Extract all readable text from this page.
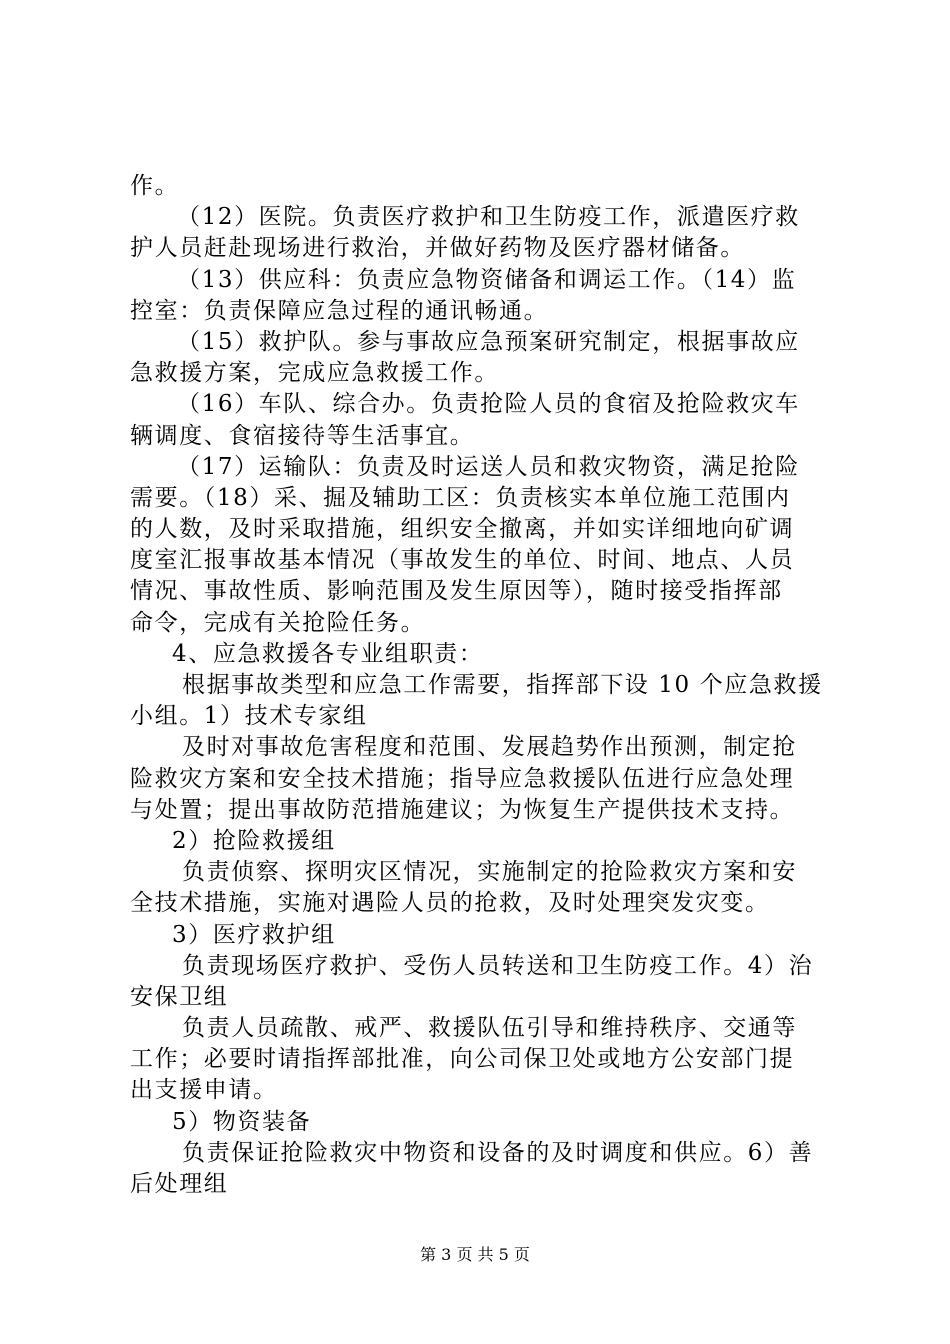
作。
（12）医院。负责医疗救护和卫生防疫工作，派遣医疗救
护人员赶赴现场进行救治，并做好药物及医疗器材储备。
（13）供应科：负责应急物资储备和调运工作。（14）监
控室：负责保障应急过程的通讯畅通。
（15）救护队。参与事故应急预案研究制定，根据事故应
急救援方案，完成应急救援工作。
（16）车队、综合办。负责抢险人员的食宿及抢险救灾车
辆调度、食宿接待等生活事宜。
（17）运输队：负责及时运送人员和救灾物资，满足抢险
需要。（18）采、掘及辅助工区：负责核实本单位施工范围内
的人数，及时采取措施，组织安全撤离，并如实详细地向矿调
度室汇报事故基本情况（事故发生的单位、时间、地点、人员
情况、事故性质、影响范围及发生原因等），随时接受指挥部
命令，完成有关抢险任务。
4、应急救援各专业组职责：
根据事故类型和应急工作需要，指挥部下设 10 个应急救援
小组。1）技术专家组
及时对事故危害程度和范围、发展趋势作出预测，制定抢
险救灾方案和安全技术措施；指导应急救援队伍进行应急处理
与处置；提出事故防范措施建议；为恢复生产提供技术支持。
2）抢险救援组
负责侦察、探明灾区情况，实施制定的抢险救灾方案和安
全技术措施，实施对遇险人员的抢救，及时处理突发灾变。
3）医疗救护组
负责现场医疗救护、受伤人员转送和卫生防疫工作。4）治
安保卫组
负责人员疏散、戒严、救援队伍引导和维持秩序、交通等
工作；必要时请指挥部批准，向公司保卫处或地方公安部门提
出支援申请。
5）物资装备
负责保证抢险救灾中物资和设备的及时调度和供应。6）善
后处理组
第 3 页 共 5 页
